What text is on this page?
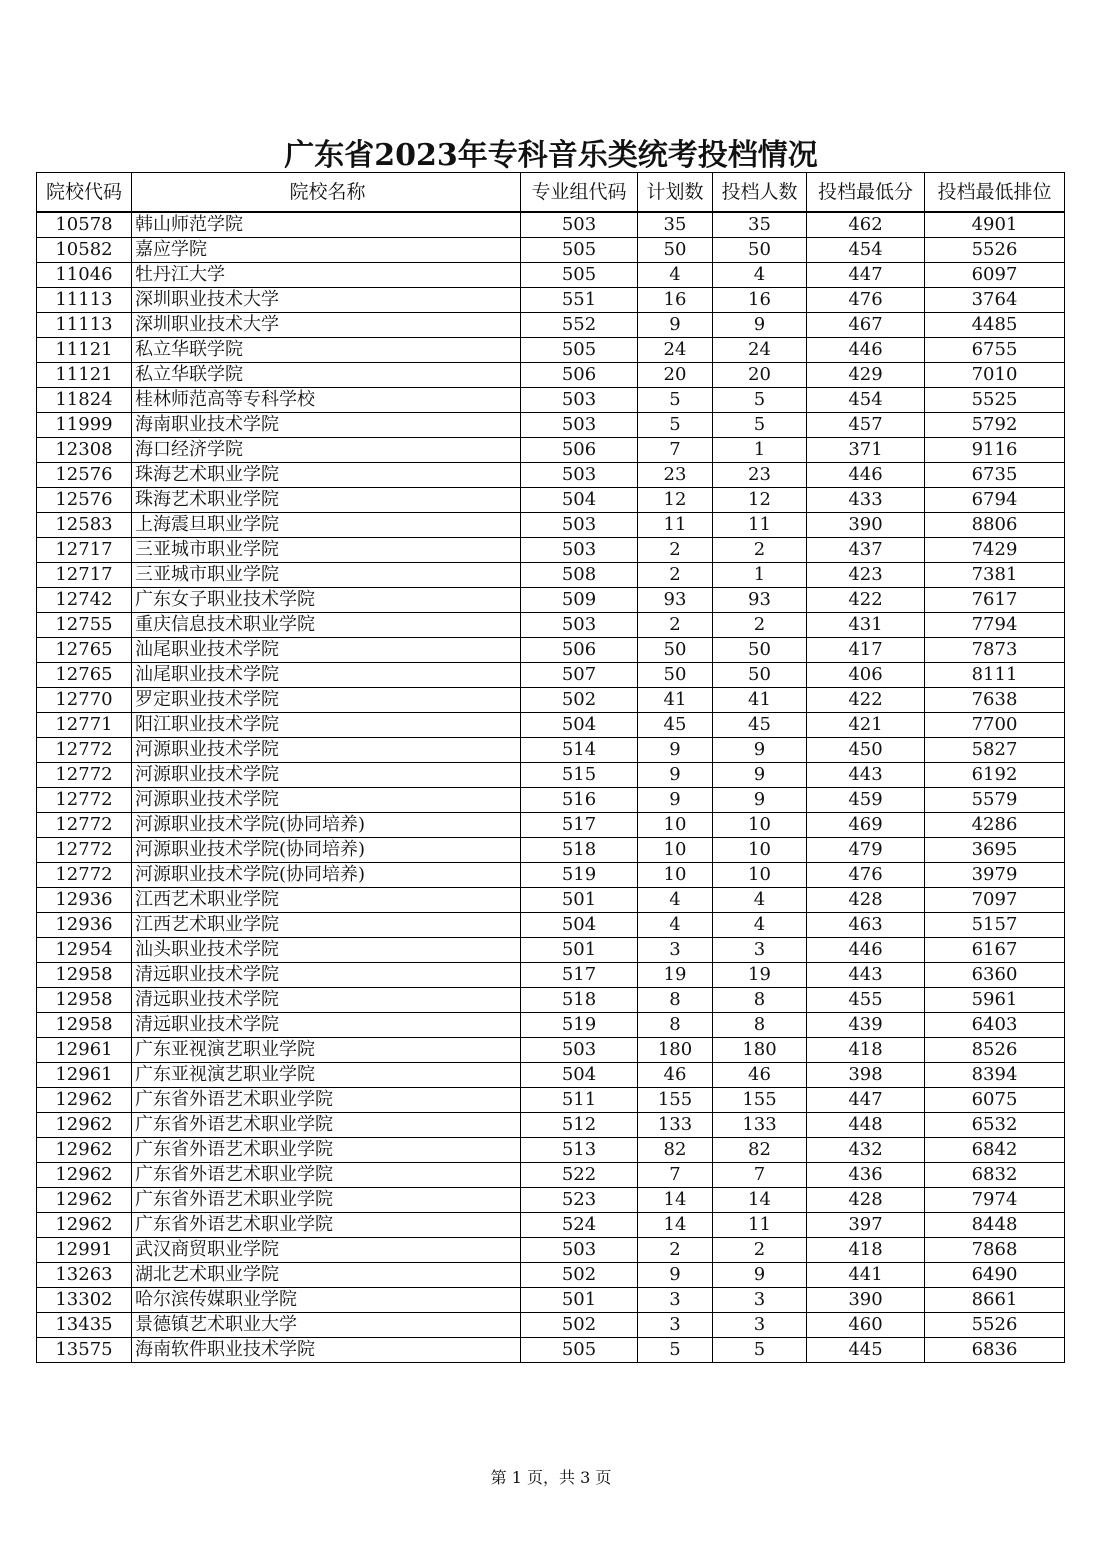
广东省2023年专科音乐类统考投档情况
院校代码	院校名称	专业组代码	计划数	投档人数	投档最低分	投档最低排位
10578	韩山师范学院	503	35	35	462	4901
10582	嘉应学院	505	50	50	454	5526
11046	牡丹江大学	505	4	4	447	6097
11113	深圳职业技术大学	551	16	16	476	3764
11113	深圳职业技术大学	552	9	9	467	4485
11121	私立华联学院	505	24	24	446	6755
11121	私立华联学院	506	20	20	429	7010
11824	桂林师范高等专科学校	503	5	5	454	5525
11999	海南职业技术学院	503	5	5	457	5792
12308	海口经济学院	506	7	1	371	9116
12576	珠海艺术职业学院	503	23	23	446	6735
12576	珠海艺术职业学院	504	12	12	433	6794
12583	上海震旦职业学院	503	11	11	390	8806
12717	三亚城市职业学院	503	2	2	437	7429
12717	三亚城市职业学院	508	2	1	423	7381
12742	广东女子职业技术学院	509	93	93	422	7617
12755	重庆信息技术职业学院	503	2	2	431	7794
12765	汕尾职业技术学院	506	50	50	417	7873
12765	汕尾职业技术学院	507	50	50	406	8111
12770	罗定职业技术学院	502	41	41	422	7638
12771	阳江职业技术学院	504	45	45	421	7700
12772	河源职业技术学院	514	9	9	450	5827
12772	河源职业技术学院	515	9	9	443	6192
12772	河源职业技术学院	516	9	9	459	5579
12772	河源职业技术学院(协同培养)	517	10	10	469	4286
12772	河源职业技术学院(协同培养)	518	10	10	479	3695
12772	河源职业技术学院(协同培养)	519	10	10	476	3979
12936	江西艺术职业学院	501	4	4	428	7097
12936	江西艺术职业学院	504	4	4	463	5157
12954	汕头职业技术学院	501	3	3	446	6167
12958	清远职业技术学院	517	19	19	443	6360
12958	清远职业技术学院	518	8	8	455	5961
12958	清远职业技术学院	519	8	8	439	6403
12961	广东亚视演艺职业学院	503	180	180	418	8526
12961	广东亚视演艺职业学院	504	46	46	398	8394
12962	广东省外语艺术职业学院	511	155	155	447	6075
12962	广东省外语艺术职业学院	512	133	133	448	6532
12962	广东省外语艺术职业学院	513	82	82	432	6842
12962	广东省外语艺术职业学院	522	7	7	436	6832
12962	广东省外语艺术职业学院	523	14	14	428	7974
12962	广东省外语艺术职业学院	524	14	11	397	8448
12991	武汉商贸职业学院	503	2	2	418	7868
13263	湖北艺术职业学院	502	9	9	441	6490
13302	哈尔滨传媒职业学院	501	3	3	390	8661
13435	景德镇艺术职业大学	502	3	3	460	5526
13575	海南软件职业技术学院	505	5	5	445	6836
第 1 页，共 3 页
